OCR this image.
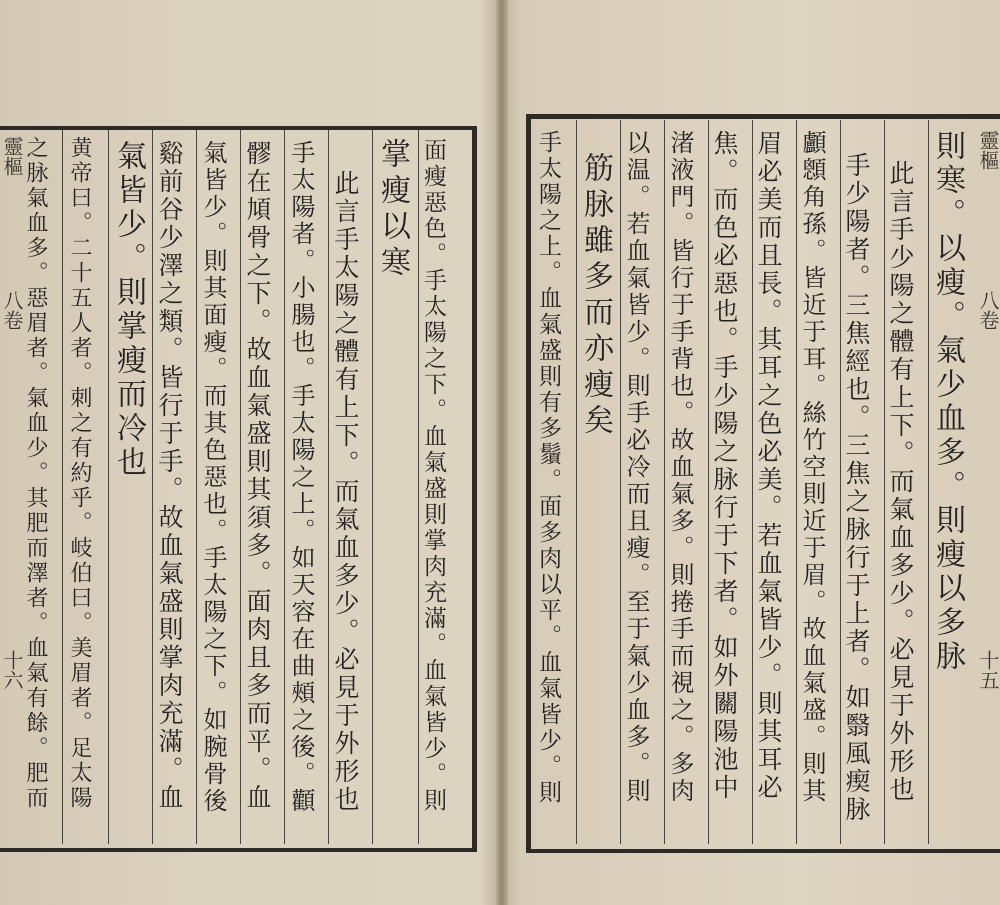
靈樞
八卷
十六	面瘦惡色。手太陽之下。血氣盛則掌肉充滿。血氣皆少。則
掌瘦以寒
此言手太陽之體有上下。而氣血多少。必見于外形也
手太陽者。小腸也。手太陽之上。如天容在曲頰之後。顴
髎在頄骨之下。故血氣盛則其須多。面肉且多而平。血
氣皆少。則其面瘦。而其色惡也。手太陽之下。如腕骨後
谿前谷少澤之類。皆行于手。故血氣盛則掌肉充滿。血
氣皆少。則掌瘦而冷也
黄帝曰。二十五人者。刺之有約乎。岐伯曰。美眉者。足太陽
之脉氣血多。惡眉者。氣血少。其肥而澤者。血氣有餘。肥而	靈樞
八卷
十五
則寒。以瘦。氣少血多。則瘦以多脉
此言手少陽之體有上下。而氣血多少。必見于外形也
手少陽者。三焦經也。三焦之脉行于上者。如翳風瘈脉
顱顖角孫。皆近于耳。絲竹空則近于眉。故血氣盛。則其
眉必美而且長。其耳之色必美。若血氣皆少。則其耳必
焦。而色必惡也。手少陽之脉行于下者。如外關陽池中
渚液門。皆行于手背也。故血氣多。則捲手而視之。多肉
以温。若血氣皆少。則手必冷而且瘦。至于氣少血多。則
筋脉雖多而亦瘦矣
手太陽之上。血氣盛則有多鬚。面多肉以平。血氣皆少。則
